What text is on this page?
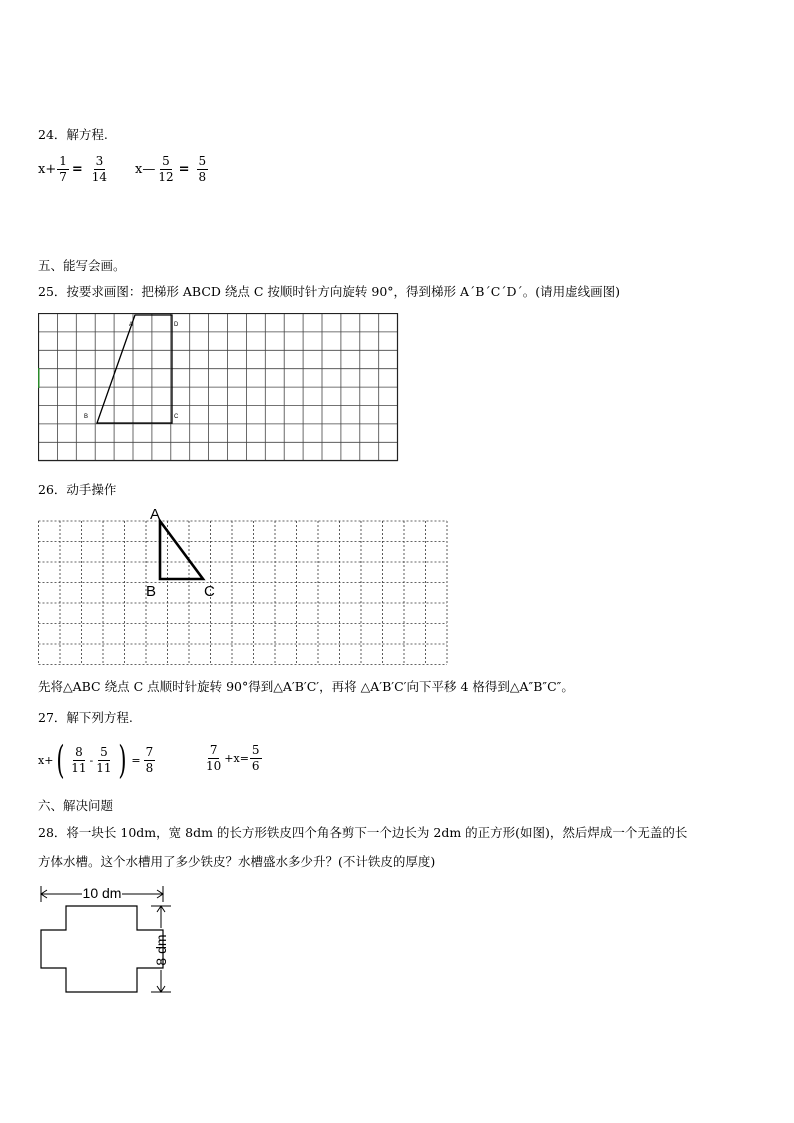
24．解方程.
$x+ \frac{1}{7} = \frac{3}{14}$ x— $\frac{5}{12} = \frac{5}{8}$
五、能写会画。
25．按要求画图：把梯形 ABCD 绕点 C 按顺时针方向旋转 90°，得到梯形 A´B´C´D´。(请用虚线画图)
A	D
B	C
26．动手操作
A
B	C
先将△ABC 绕点 C 点顺时针旋转 90°得到△A′B′C′，再将 △A′B′C′向下平移 4 格得到△A″B″C″。
27．解下列方程.
x+ ( $\frac{8}{11} - \frac{5}{11}$ ) = $\frac{7}{8}$	$\frac{7}{10} +x= \frac{5}{6}$
六、解决问题
28．将一块长 10dm，宽 8dm 的长方形铁皮四个角各剪下一个边长为 2dm 的正方形(如图)，然后焊成一个无盖的长
方体水槽。这个水槽用了多少铁皮？水槽盛水多少升？(不计铁皮的厚度)
10 dm
8 dm
